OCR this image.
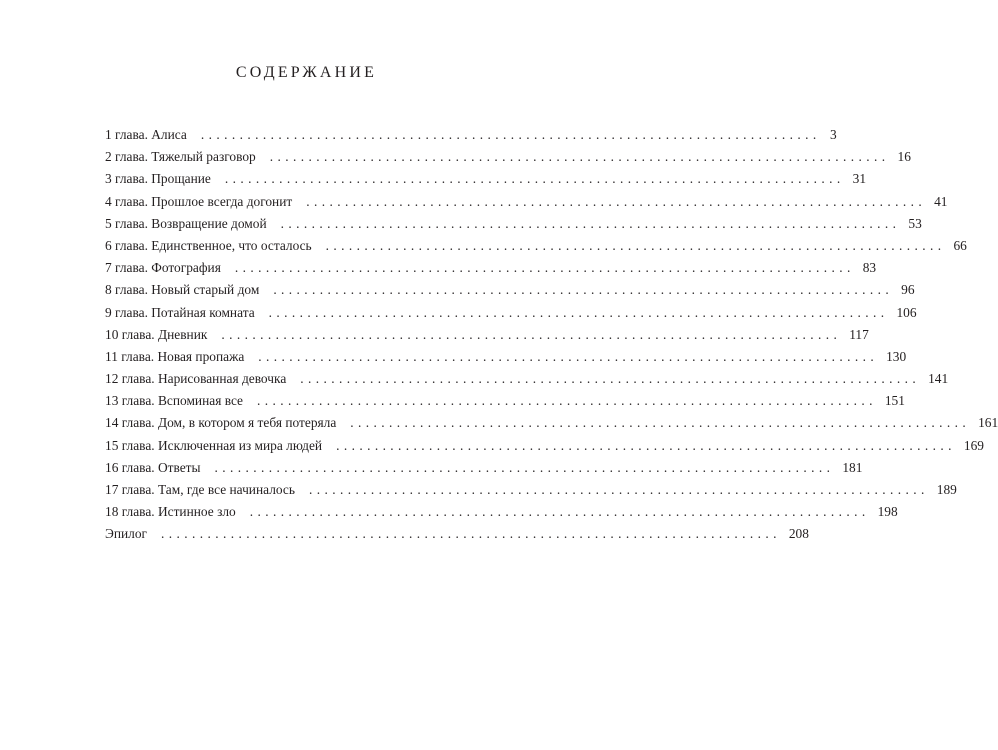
СОДЕРЖАНИЕ
1 глава. Алиса ................................................................................ 3
2 глава. Тяжелый разговор ................................................................................ 16
3 глава. Прощание ................................................................................ 31
4 глава. Прошлое всегда догонит ................................................................................ 41
5 глава. Возвращение домой ................................................................................ 53
6 глава. Единственное, что осталось ................................................................................ 66
7 глава. Фотография ................................................................................ 83
8 глава. Новый старый дом ................................................................................ 96
9 глава. Потайная комната ................................................................................ 106
10 глава. Дневник ................................................................................ 117
11 глава. Новая пропажа ................................................................................ 130
12 глава. Нарисованная девочка ................................................................................ 141
13 глава. Вспоминая все ................................................................................ 151
14 глава. Дом, в котором я тебя потеряла ................................................................................ 161
15 глава. Исключенная из мира людей ................................................................................ 169
16 глава. Ответы ................................................................................ 181
17 глава. Там, где все начиналось ................................................................................ 189
18 глава. Истинное зло ................................................................................ 198
Эпилог ................................................................................ 208
